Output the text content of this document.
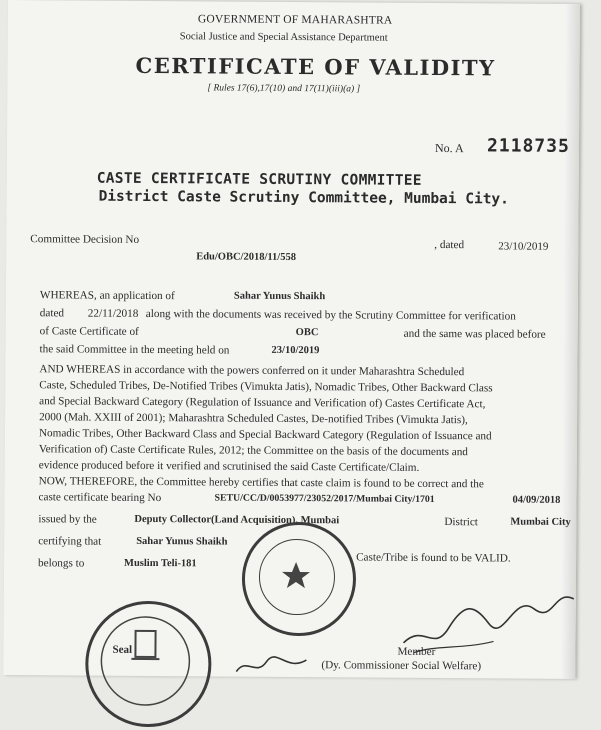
GOVERNMENT OF MAHARASHTRA
Social Justice and Special Assistance Department
CERTIFICATE OF VALIDITY
[ Rules 17(6),17(10) and 17(11)(iii)(a) ]
No. A 2118735
CASTE CERTIFICATE SCRUTINY COMMITTEE
District Caste Scrutiny Committee, Mumbai City.
Committee Decision No
Edu/OBC/2018/11/558
, dated	23/10/2019
WHEREAS, an application of	Sahar Yunus Shaikh
dated 22/11/2018 along with the documents was received by the Scrutiny Committee for verification
of Caste Certificate of	OBC	and the same was placed before
the said Committee in the meeting held on	23/10/2019
AND WHEREAS in accordance with the powers conferred on it under Maharashtra Scheduled
Caste, Scheduled Tribes, De-Notified Tribes (Vimukta Jatis), Nomadic Tribes, Other Backward Class
and Special Backward Category (Regulation of Issuance and Verification of) Castes Certificate Act,
2000 (Mah. XXIII of 2001); Maharashtra Scheduled Castes, De-notified Tribes (Vimukta Jatis),
Nomadic Tribes, Other Backward Class and Special Backward Category (Regulation of Issuance and
Verification of) Caste Certificate Rules, 2012; the Committee on the basis of the documents and
evidence produced before it verified and scrutinised the said Caste Certificate/Claim.
NOW, THEREFORE, the Committee hereby certifies that caste claim is found to be correct and the
caste certificate bearing No	SETU/CC/D/0053977/23052/2017/Mumbai City/1701	04/09/2018
issued by the	Deputy Collector(Land Acquisition), Mumbai	District	Mumbai City
certifying that	Sahar Yunus Shaikh
belongs to	Muslim Teli-181	Caste/Tribe is found to be VALID.
Seal	Member
(Dy. Commissioner Social Welfare)
